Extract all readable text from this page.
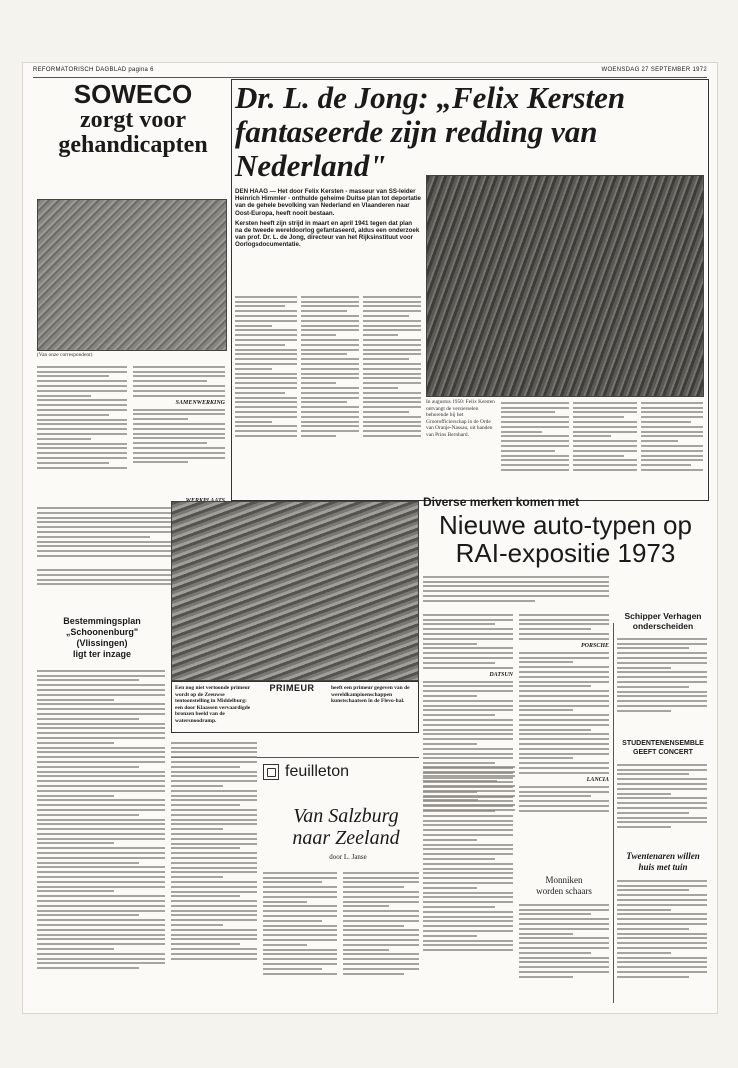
REFORMATORISCH DAGBLAD pagina 6	WOENSDAG 27 SEPTEMBER 1972
SOWECO
zorgt voor
gehandicapten
(Van onze correspondent)
SAMENWERKING
Bestemmingsplan
„Schoonenburg"
(Vlissingen)
ligt ter inzage
Dr. L. de Jong: „Felix Kersten fantaseerde zijn redding van Nederland"
DEN HAAG — Het door Felix Kersten - masseur van SS-leider Heinrich Himmler - onthulde geheime Duitse plan tot deportatie van de gehele bevolking van Nederland en Vlaanderen naar Oost-Europa, heeft nooit bestaan.
Kersten heeft zijn strijd in maart en april 1941 tegen dat plan na de tweede wereldoorlog gefantaseerd, aldus een onderzoek van prof. Dr. L. de Jong, directeur van het Rijksinstituut voor Oorlogsdocumentatie.
In augustus 1950: Felix Kersten ontvangt de versierselen behorende bij het Grootofficierschap in de Orde van Oranje-Nassau, uit handen van Prins Bernhard.
Een nog niet vertoonde primeur wordt op de Zeeuwse tentoonstelling in Middelburg: een door Klaassen vervaardigde bronzen beeld van de watersnoodramp.
PRIMEUR	heeft een primeur gegeven van de wereldkampioenschappen kunstschaatsen in de Flevo-hal.
Diverse merken komen met
Nieuwe auto-typen op
RAI-expositie 1973
DATSUN
PORSCHE
LANCIA
Schipper Verhagen
onderscheiden
STUDENTENENSEMBLE
GEEFT CONCERT
Twentenaren willen
huis met tuin
feuilleton
Van Salzburg
naar Zeeland
door L. Janse
Monniken
worden schaars
